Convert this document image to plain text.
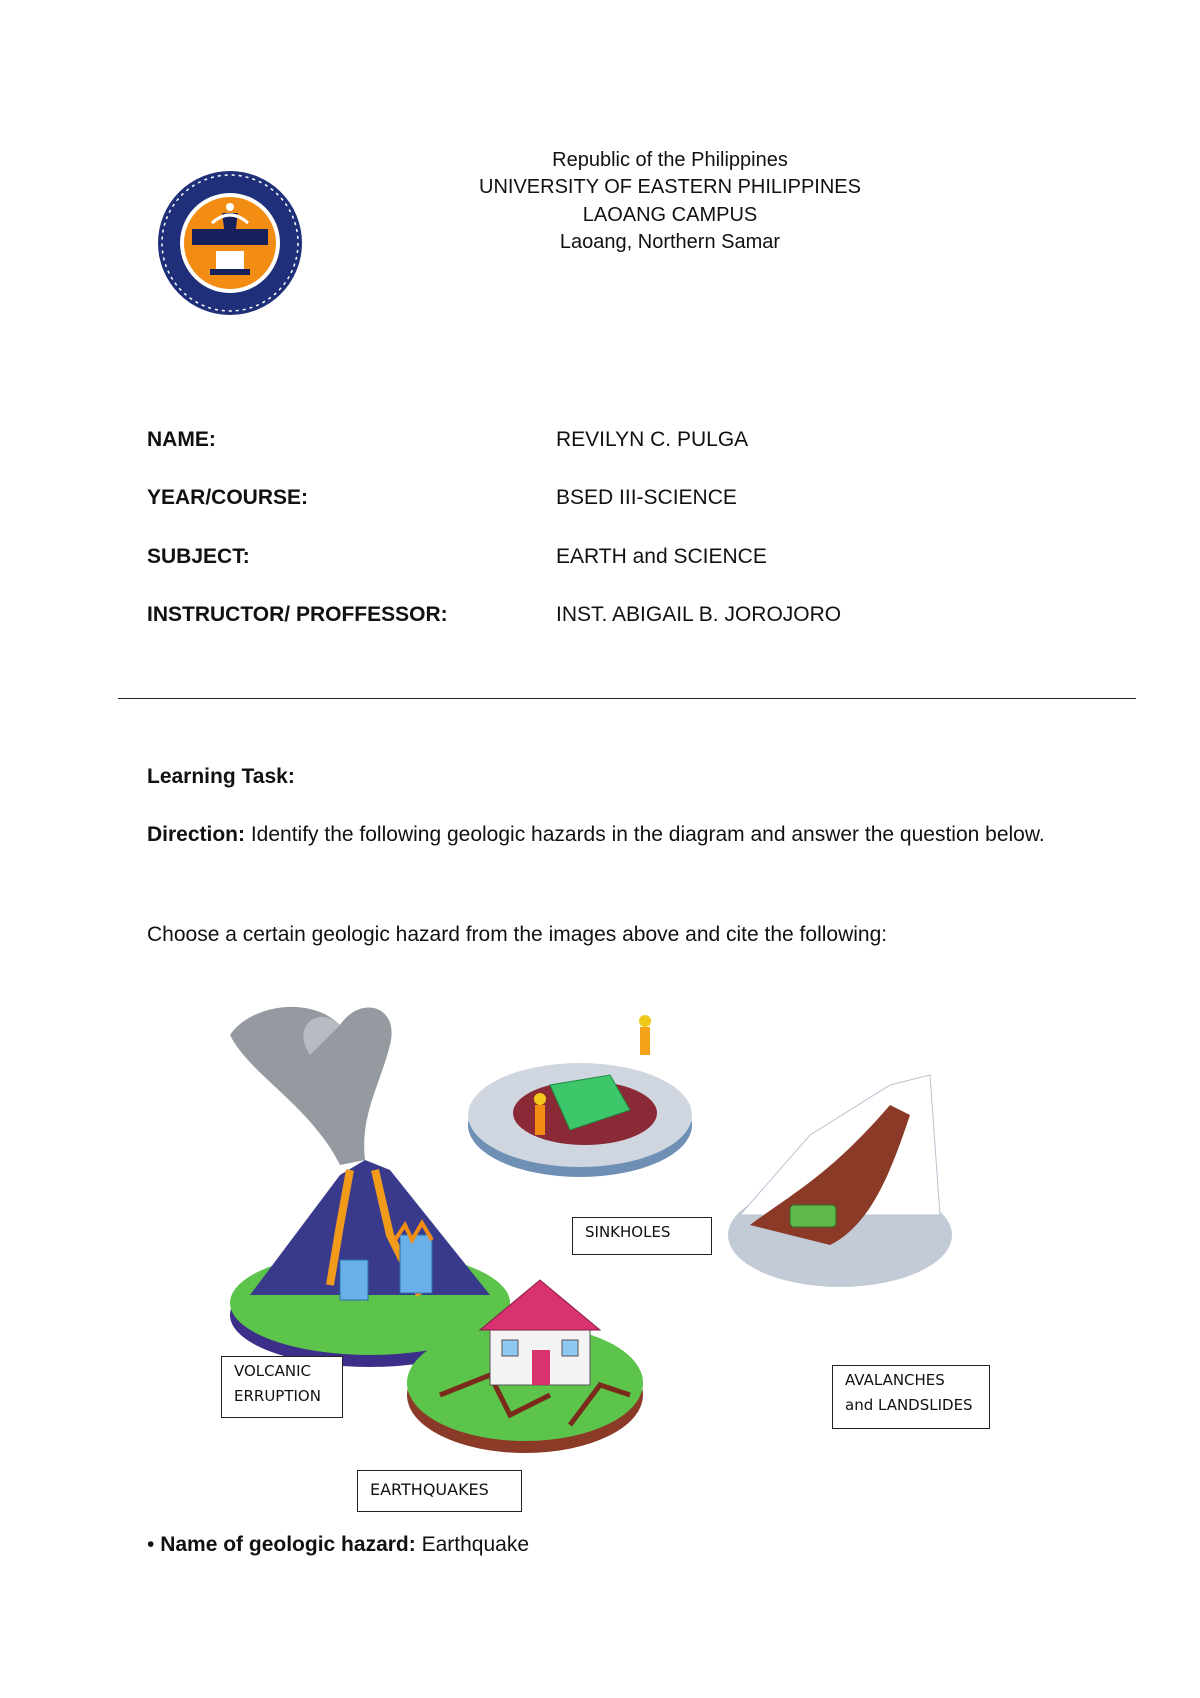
Republic of the Philippines
UNIVERSITY OF EASTERN PHILIPPINES
LAOANG CAMPUS
Laoang, Northern Samar
NAME:	REVILYN C. PULGA
YEAR/COURSE:	BSED III-SCIENCE
SUBJECT:	EARTH and SCIENCE
INSTRUCTOR/ PROFFESSOR:	INST. ABIGAIL B. JOROJORO
Learning Task:
Direction: Identify the following geologic hazards in the diagram and answer the question below.
Choose a certain geologic hazard from the images above and cite the following:
SINKHOLES
VOLCANIC
ERRUPTION
AVALANCHES
and LANDSLIDES
EARTHQUAKES
• Name of geologic hazard: Earthquake
